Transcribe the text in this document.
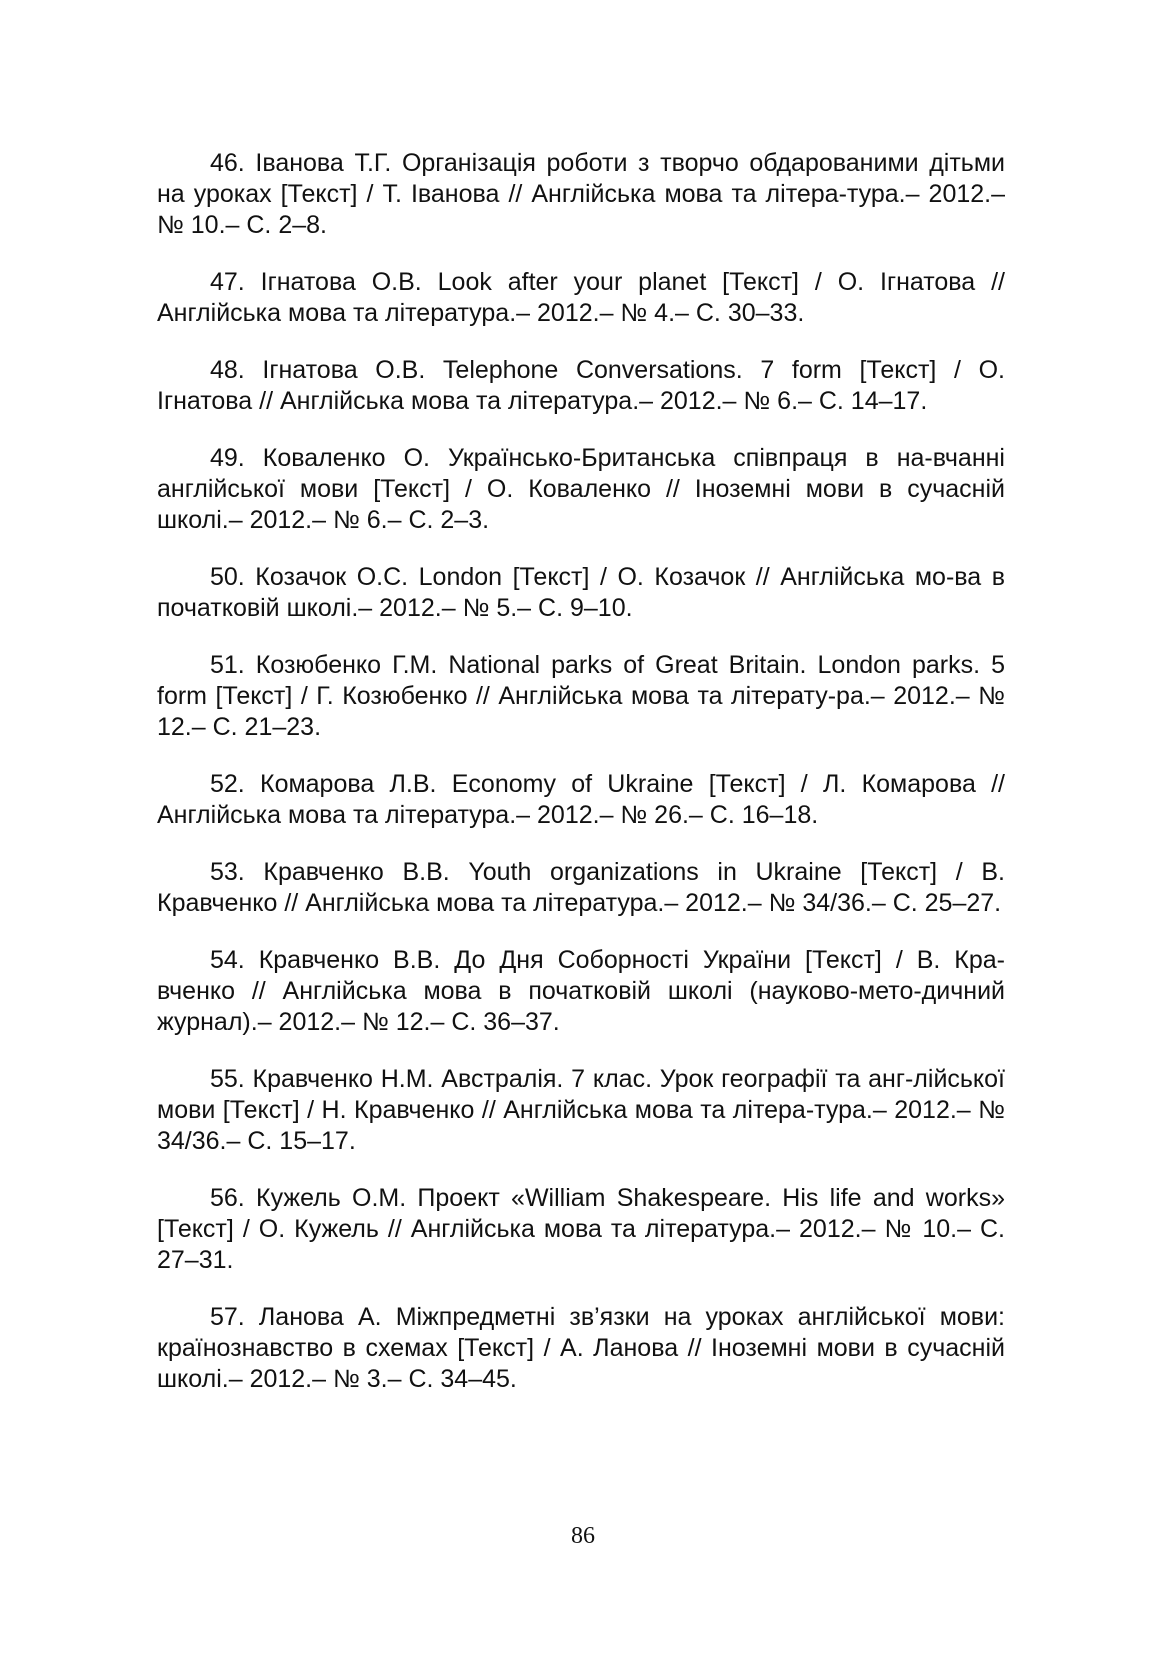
46. Іванова Т.Г. Організація роботи з творчо обдарованими дітьми на уроках [Текст] / Т. Іванова // Англійська мова та літера-тура.– 2012.– № 10.– С. 2–8.

47. Ігнатова О.В. Look after your planet [Текст] / О. Ігнатова // Англійська мова та література.– 2012.– № 4.– С. 30–33.

48. Ігнатова О.В. Telephone Conversations. 7 form [Текст] / О. Ігнатова // Англійська мова та література.– 2012.– № 6.– С. 14–17.

49. Коваленко О. Українсько-Британська співпраця в на-вчанні англійської мови [Текст] / О. Коваленко // Іноземні мови в сучасній школі.– 2012.– № 6.– С. 2–3.

50. Козачок О.С. London [Текст] / О. Козачок // Англійська мо-ва в початковій школі.– 2012.– № 5.– С. 9–10.

51. Козюбенко Г.М. National parks of Great Britain. London parks. 5 form [Текст] / Г. Козюбенко // Англійська мова та літерату-ра.– 2012.– № 12.– С. 21–23.

52. Комарова Л.В. Economy of Ukraine [Текст] / Л. Комарова // Англійська мова та література.– 2012.– № 26.– С. 16–18.

53. Кравченко В.В. Youth organizations in Ukraine [Текст] / В. Кравченко // Англійська мова та література.– 2012.– № 34/36.– С. 25–27.

54. Кравченко В.В. До Дня Соборності України [Текст] / В. Кра-вченко // Англійська мова в початковій школі (науково-мето-дичний журнал).– 2012.– № 12.– С. 36–37.

55. Кравченко Н.М. Австралія. 7 клас. Урок географії та анг-лійської мови [Текст] / Н. Кравченко // Англійська мова та літера-тура.– 2012.– № 34/36.– С. 15–17.

56. Кужель О.М. Проект «William Shakespeare. His life and works» [Текст] / О. Кужель // Англійська мова та література.– 2012.– № 10.– С. 27–31.

57. Ланова А. Міжпредметні зв’язки на уроках англійської мови: країнознавство в схемах [Текст] / А. Ланова // Іноземні мови в сучасній школі.– 2012.– № 3.– С. 34–45.

86
